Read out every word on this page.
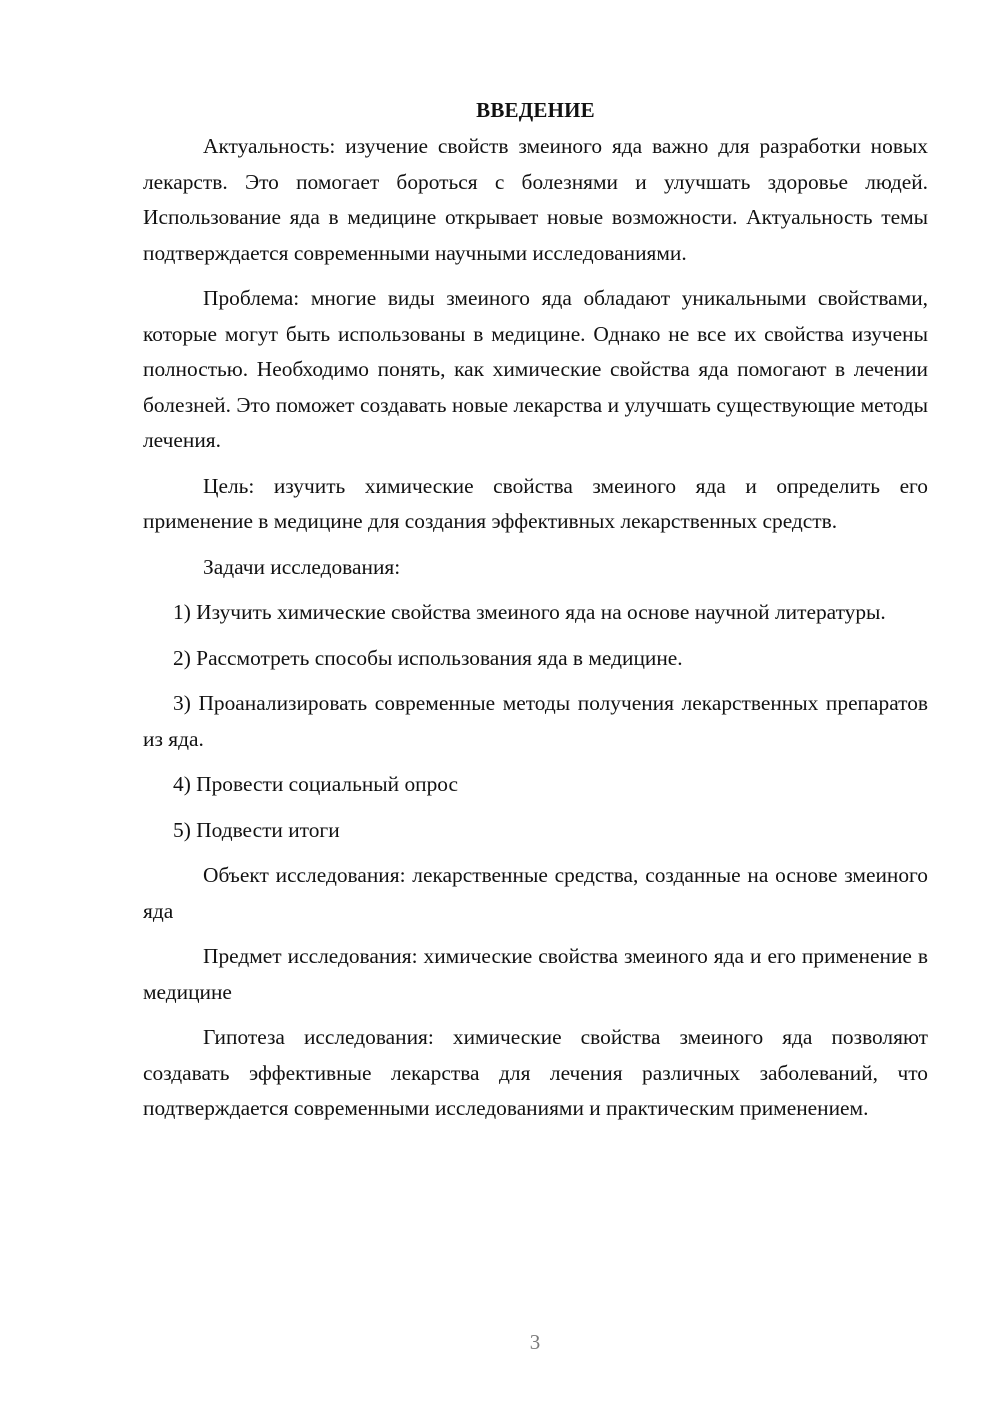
ВВЕДЕНИЕ

Актуальность: изучение свойств змеиного яда важно для разработки новых лекарств. Это помогает бороться с болезнями и улучшать здоровье людей. Использование яда в медицине открывает новые возможности. Актуальность темы подтверждается современными научными исследованиями.

Проблема: многие виды змеиного яда обладают уникальными свойствами, которые могут быть использованы в медицине. Однако не все их свойства изучены полностью. Необходимо понять, как химические свойства яда помогают в лечении болезней. Это поможет создавать новые лекарства и улучшать существующие методы лечения.

Цель: изучить химические свойства змеиного яда и определить его применение в медицине для создания эффективных лекарственных средств.

Задачи исследования:

1) Изучить химические свойства змеиного яда на основе научной литературы.

2) Рассмотреть способы использования яда в медицине.

3) Проанализировать современные методы получения лекарственных препаратов из яда.

4) Провести социальный опрос

5) Подвести итоги

Объект исследования: лекарственные средства, созданные на основе змеиного яда

Предмет исследования: химические свойства змеиного яда и его применение в медицине

Гипотеза исследования: химические свойства змеиного яда позволяют создавать эффективные лекарства для лечения различных заболеваний, что подтверждается современными исследованиями и практическим применением.

3
